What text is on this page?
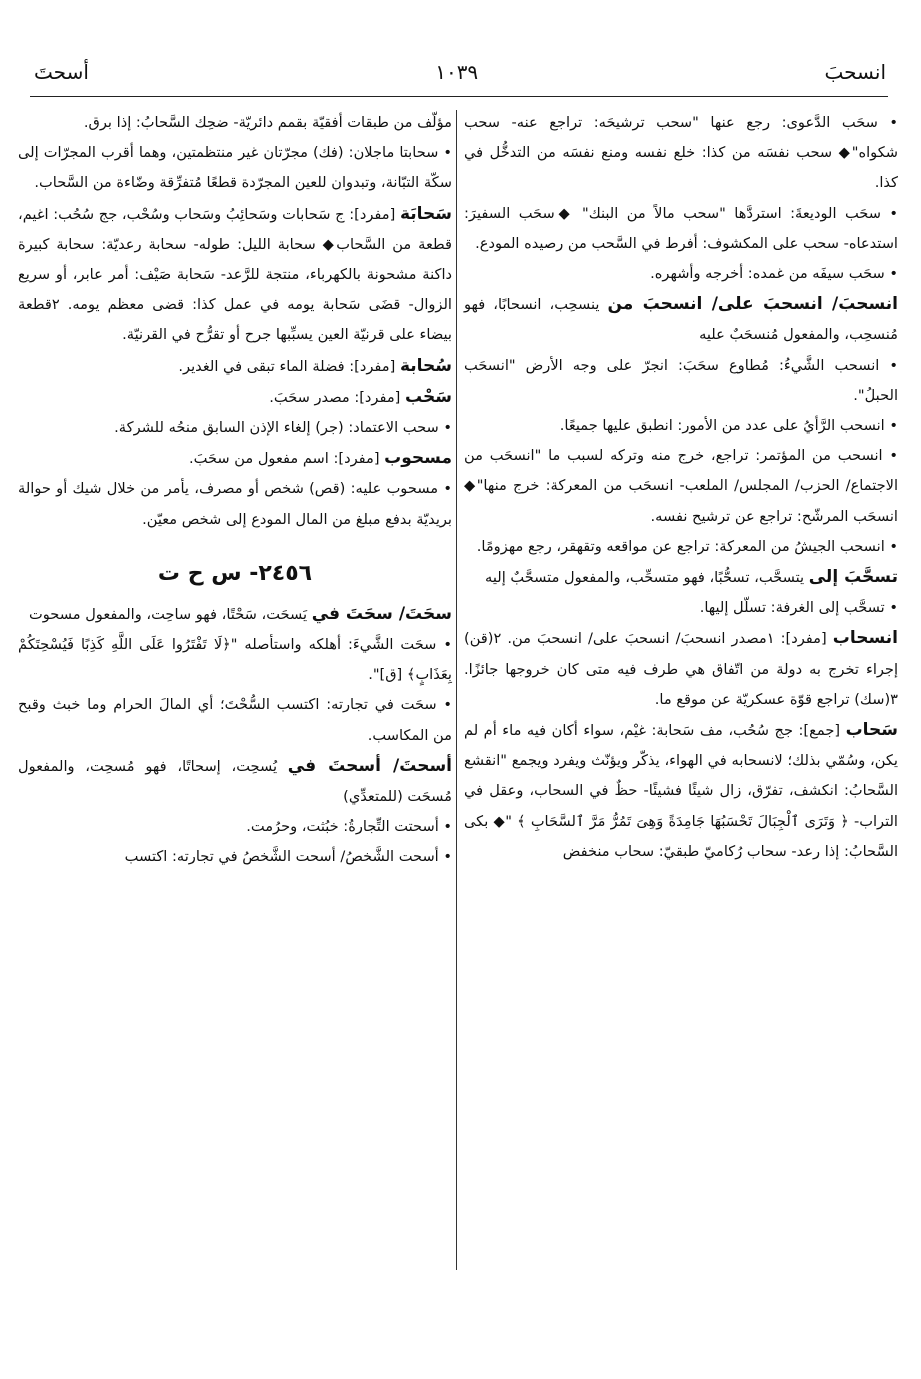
انسحبَ
١٠٣٩
أسحتَ

• سحَب الدَّعوى: رجع عنها "سحب ترشيحَه: تراجع عنه- سحب شكواه"◆ سحب نفسَه من كذا: خلع نفسه ومنع نفسَه من التدخُّل في كذا.

• سحَب الوديعةَ: استردَّها "سحب مالاً من البنك" ◆سحَب السفيرَ: استدعاه- سحب على المكشوف: أفرط في السَّحب من رصيده المودع.

• سحَب سيفَه من غمده: أخرجه وأشهره.

انسحبَ/ انسحبَ على/ انسحبَ من ينسحِب، انسحابًا، فهو مُنسحِب، والمفعول مُنسحَبٌ عليه

• انسحب الشَّيءُ: مُطاوع سحَبَ: انجرّ على وجه الأرض "انسحَب الحبلُ".

• انسحب الرَّأيُ على عدد من الأمور: انطبق عليها جميعًا.

• انسحب من المؤتمر: تراجع، خرج منه وتركه لسبب ما "انسحَب من الاجتماع/ الحزب/ المجلس/ الملعب- انسحَب من المعركة: خرج منها"◆ انسحَب المرشّح: تراجع عن ترشيح نفسه.

• انسحب الجيشُ من المعركة: تراجع عن مواقعه وتقهقر، رجع مهزومًا.

تسحَّبَ إلى يتسحَّب، تسحُّبًا، فهو متسحِّب، والمفعول متسحَّبٌ إليه

• تسحَّب إلى الغرفة: تسلّل إليها.

انسحاب [مفرد]: ١مصدر انسحبَ/ انسحبَ على/ انسحبَ من. ٢(قن) إجراء تخرج به دولة من اتّفاق هي طرف فيه متى كان خروجها جائزًا. ٣(سك) تراجع قوّة عسكريّة عن موقع ما.

سَحاب [جمع]: جج سُحُب، مف سَحابة: غيْم، سواء أكان فيه ماء أم لم يكن، وسُمّي بذلك؛ لانسحابه في الهواء، يذكّر ويؤنّث ويفرد ويجمع "انقشع السَّحابُ: انكشف، تفرّق، زال شيئًا فشيئًا- حظٌ في السحاب، وعقل في التراب- ﴿ وَتَرَى ٱلْجِبَالَ تَحْسَبُهَا جَامِدَةً وَهِىَ تَمُرُّ مَرَّ ٱلسَّحَابِ ﴾ "◆ بكى السَّحابُ: إذا رعد- سحاب رُكاميّ طبقيّ: سحاب منخفض

مؤلّف من طبقات أفقيّة بقمم دائريّة- ضحِك السَّحابُ: إذا برق.

• سحابتا ماجلان: (فك) مجرّتان غير منتظمتين، وهما أقرب المجرّات إلى سكّة التبّانة، وتبدوان للعين المجرّدة قطعًا مُتفرِّقة وضّاءة من السَّحاب.

سَحابَة [مفرد]: ج سَحابات وسَحائِبُ وسَحاب وسُحْب، جج سُحُب: اغيم، قطعة من السَّحاب◆ سحابة الليل: طوله- سحابة رعديّة: سحابة كبيرة داكنة مشحونة بالكهرباء، منتجة للرَّعد- سَحابة صَيْف: أمر عابر، أو سريع الزوال- قضَى سَحابة يومه في عمل كذا: قضى معظم يومه. ٢قطعة بيضاء على قرنيّة العين يسبِّبها جرح أو تقرُّح في القرنيّة.

سُحابة [مفرد]: فضلة الماء تبقى في الغدير.

سَحْب [مفرد]: مصدر سحَبَ.

• سحب الاعتماد: (جر) إلغاء الإذن السابق منحُه للشركة.

مسحوب [مفرد]: اسم مفعول من سحَبَ.

• مسحوب عليه: (قص) شخص أو مصرف، يأمر من خلال شيك أو حوالة بريديّة بدفع مبلغ من المال المودع إلى شخص معيّن.

٢٤٥٦- س ح ت

سحَتَ/ سحَتَ في يَسحَت، سَحْتًا، فهو ساحِت، والمفعول مسحوت

• سحَت الشَّيءَ: أهلكه واستأصله "﴿لَا تَفْتَرُوا عَلَى اللَّهِ كَذِبًا فَيُسْحِتَكُمْ بِعَذَابٍ﴾ [ق]".

• سحَت في تجارته: اكتسب السُّحْتَ؛ أي المالَ الحرام وما خبث وقبح من المكاسب.

أسحتَ/ أسحتَ في يُسحِت، إسحاتًا، فهو مُسحِت، والمفعول مُسحَت (للمتعدِّي)

• أسحتت التِّجارةُ: خبُثت، وحرُمت.

• أسحت الشَّخصُ/ أسحت الشَّخصُ في تجارته: اكتسب
